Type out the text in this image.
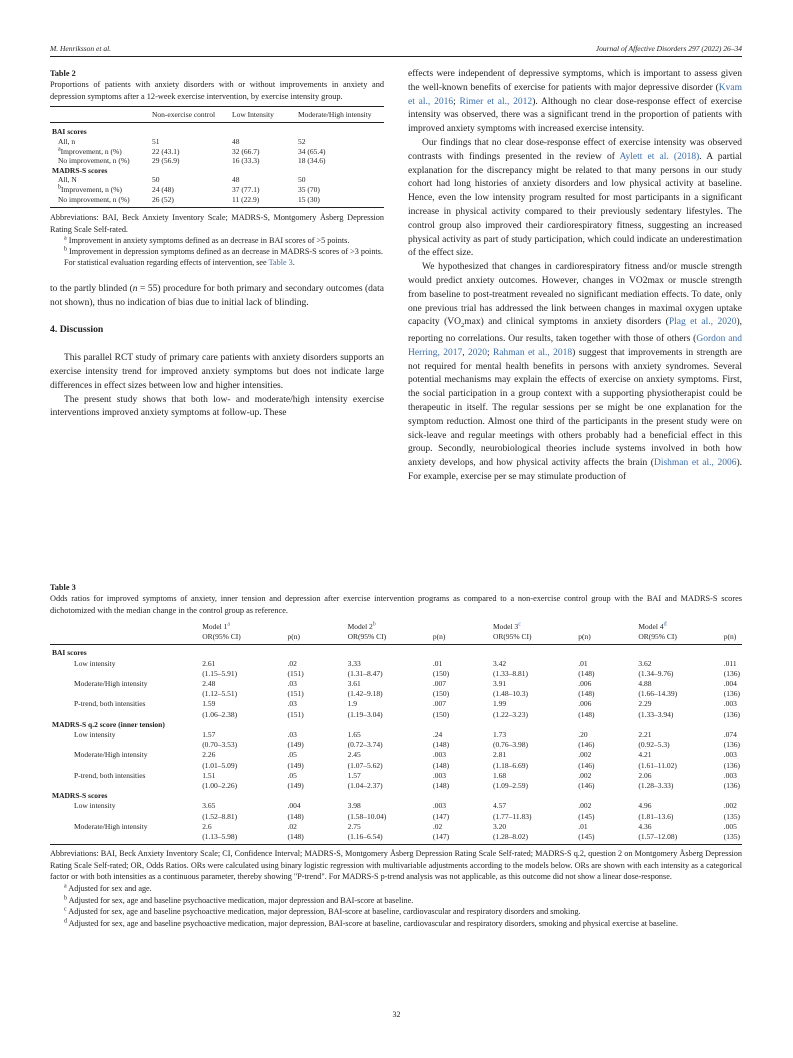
M. Henriksson et al.	Journal of Affective Disorders 297 (2022) 26–34
Table 2
Proportions of patients with anxiety disorders with or without improvements in anxiety and depression symptoms after a 12-week exercise intervention, by exercise intensity group.
	Non-exercise control	Low Intensity	Moderate/High intensity

BAI scores			
All, n	51	48	52
$^a$Improvement, n (%)	22 (43.1)	32 (66.7)	34 (65.4)
No improvement, n (%)	29 (56.9)	16 (33.3)	18 (34.6)
MADRS-S scores			
All, N	50	48	50
$^b$Improvement, n (%)	24 (48)	37 (77.1)	35 (70)
No improvement, n (%)	26 (52)	11 (22.9)	15 (30)

Abbreviations: BAI, Beck Anxiety Inventory Scale; MADRS-S, Montgomery Åsberg Depression Rating Scale Self-rated.

$^a$ Improvement in anxiety symptoms defined as an decrease in BAI scores of >5 points.

$^b$ Improvement in depression symptoms defined as an decrease in MADRS-S scores of >3 points.

For statistical evaluation regarding effects of intervention, see Table 3.

to the partly blinded (n = 55) procedure for both primary and secondary outcomes (data not shown), thus no indication of bias due to initial lack of blinding.

4. Discussion

This parallel RCT study of primary care patients with anxiety disorders supports an exercise intensity trend for improved anxiety symptoms but does not indicate large differences in effect sizes between low and higher intensities.

The present study shows that both low- and moderate/high intensity exercise interventions improved anxiety symptoms at follow-up. These

effects were independent of depressive symptoms, which is important to assess given the well-known benefits of exercise for patients with major depressive disorder (Kvam et al., 2016; Rimer et al., 2012). Although no clear dose-response effect of exercise intensity was observed, there was a significant trend in the proportion of patients with improved anxiety symptoms with increased exercise intensity.

Our findings that no clear dose-response effect of exercise intensity was observed contrasts with findings presented in the review of Aylett et al. (2018). A partial explanation for the discrepancy might be related to that many persons in our study cohort had long histories of anxiety disorders and low physical activity at baseline. Hence, even the low intensity program resulted for most participants in a significant increase in physical activity compared to their previously sedentary lifestyles. The control group also improved their cardiorespiratory fitness, suggesting an increased physical activity as part of study participation, which could indicate an underestimation of the effect size.

We hypothesized that changes in cardiorespiratory fitness and/or muscle strength would predict anxiety outcomes. However, changes in VO2max or muscle strength from baseline to post-treatment revealed no significant mediation effects. To date, only one previous trial has addressed the link between changes in maximal oxygen uptake capacity $(VO_2\max)$ and clinical symptoms in anxiety disorders (Plag et al., 2020), reporting no correlations. Our results, taken together with those of others (Gordon and Herring, 2017, 2020; Rahman et al., 2018) suggest that improvements in strength are not required for mental health benefits in persons with anxiety syndromes. Several potential mechanisms may explain the effects of exercise on anxiety symptoms. First, the social participation in a group context with a supporting physiotherapist could be therapeutic in itself. The regular sessions per se might be one explanation for the symptom reduction. Almost one third of the participants in the present study were on sick-leave and regular meetings with others probably had a beneficial effect in this group. Secondly, neurobiological theories include systems involved in both how anxiety develops, and how physical activity affects the brain (Dishman et al., 2006). For example, exercise per se may stimulate production of

Table 3
Odds ratios for improved symptoms of anxiety, inner tension and depression after exercise intervention programs as compared to a non-exercise control group with the BAI and MADRS-S scores dichotomized with the median change in the control group as reference.
	Model 1$^a$		Model 2$^b$		Model 3$^c$		Model 4$^d$	
	OR(95% CI)	p(n)	OR(95% CI)	p(n)	OR(95% CI)	p(n)	OR(95% CI)	p(n)

BAI scores								
Low intensity	2.61	.02	3.33	.01	3.42	.01	3.62	.011
	(1.15–5.91)	(151)	(1.31–8.47)	(150)	(1.33–8.81)	(148)	(1.34–9.76)	(136)
Moderate/High intensity	2.48	.03	3.61	.007	3.91	.006	4.88	.004
	(1.12–5.51)	(151)	(1.42–9.18)	(150)	(1.48–10.3)	(148)	(1.66–14.39)	(136)
P-trend, both intensities	1.59	.03	1.9	.007	1.99	.006	2.29	.003
	(1.06–2.38)	(151)	(1.19–3.04)	(150)	(1.22–3.23)	(148)	(1.33–3.94)	(136)
MADRS-S q.2 score (inner tension)								
Low intensity	1.57	.03	1.65	.24	1.73	.20	2.21	.074
	(0.70–3.53)	(149)	(0.72–3.74)	(148)	(0.76–3.98)	(146)	(0.92–5.3)	(136)
Moderate/High intensity	2.26	.05	2.45	.003	2.81	.002	4.21	.003
	(1.01–5.09)	(149)	(1.07–5.62)	(148)	(1.18–6.69)	(146)	(1.61–11.02)	(136)
P-trend, both intensities	1.51	.05	1.57	.003	1.68	.002	2.06	.003
	(1.00–2.26)	(149)	(1.04–2.37)	(148)	(1.09–2.59)	(146)	(1.28–3.33)	(136)
MADRS-S scores								
Low intensity	3.65	.004	3.98	.003	4.57	.002	4.96	.002
	(1.52–8.81)	(148)	(1.58–10.04)	(147)	(1.77–11.83)	(145)	(1.81–13.6)	(135)
Moderate/High intensity	2.6	.02	2.75	.02	3.20	.01	4.36	.005
	(1.13–5.98)	(148)	(1.16–6.54)	(147)	(1.28–8.02)	(145)	(1.57–12.08)	(135)

Abbreviations: BAI, Beck Anxiety Inventory Scale; CI, Confidence Interval; MADRS-S, Montgomery Åsberg Depression Rating Scale Self-rated; MADRS-S q.2, question 2 on Montgomery Åsberg Depression Rating Scale Self-rated; OR, Odds Ratios. ORs were calculated using binary logistic regression with multivariable adjustments according to the models below. ORs are shown with each intensity as a categorical factor or with both intensities as a continuous parameter, thereby showing "P-trend". For MADRS-S p-trend analysis was not applicable, as this outcome did not show a linear dose-response.

$^a$ Adjusted for sex and age.

$^b$ Adjusted for sex, age and baseline psychoactive medication, major depression and BAI-score at baseline.

$^c$ Adjusted for sex, age and baseline psychoactive medication, major depression, BAI-score at baseline, cardiovascular and respiratory disorders and smoking.

$^d$ Adjusted for sex, age and baseline psychoactive medication, major depression, BAI-score at baseline, cardiovascular and respiratory disorders, smoking and physical exercise at baseline.

32
